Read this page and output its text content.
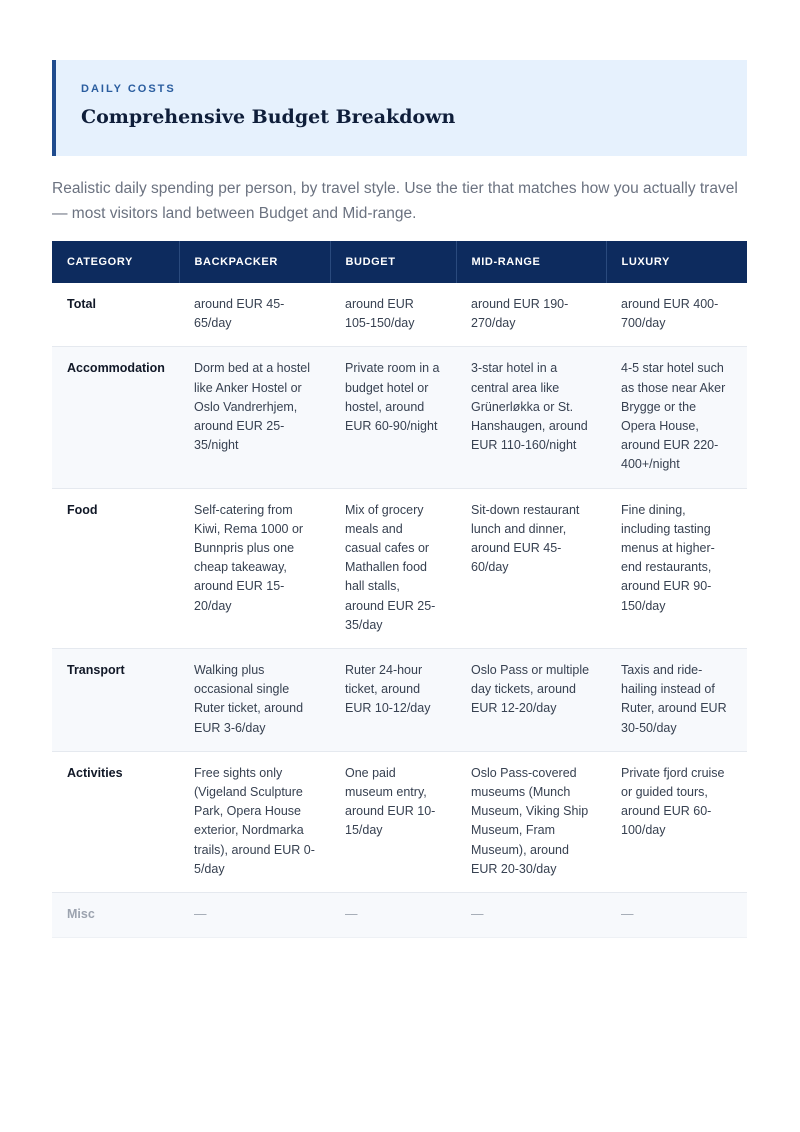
DAILY COSTS
Comprehensive Budget Breakdown
Realistic daily spending per person, by travel style. Use the tier that matches how you actually travel — most visitors land between Budget and Mid-range.
CATEGORY	BACKPACKER	BUDGET	MID-RANGE	LUXURY
Total	around EUR 45-65/day	around EUR 105-150/day	around EUR 190-270/day	around EUR 400-700/day
Accommodation	Dorm bed at a hostel like Anker Hostel or Oslo Vandrerhjem, around EUR 25-35/night	Private room in a budget hotel or hostel, around EUR 60-90/night	3-star hotel in a central area like Grünerløkka or St. Hanshaugen, around EUR 110-160/night	4-5 star hotel such as those near Aker Brygge or the Opera House, around EUR 220-400+/night
Food	Self-catering from Kiwi, Rema 1000 or Bunnpris plus one cheap takeaway, around EUR 15-20/day	Mix of grocery meals and casual cafes or Mathallen food hall stalls, around EUR 25-35/day	Sit-down restaurant lunch and dinner, around EUR 45-60/day	Fine dining, including tasting menus at higher-end restaurants, around EUR 90-150/day
Transport	Walking plus occasional single Ruter ticket, around EUR 3-6/day	Ruter 24-hour ticket, around EUR 10-12/day	Oslo Pass or multiple day tickets, around EUR 12-20/day	Taxis and ride-hailing instead of Ruter, around EUR 30-50/day
Activities	Free sights only (Vigeland Sculpture Park, Opera House exterior, Nordmarka trails), around EUR 0-5/day	One paid museum entry, around EUR 10-15/day	Oslo Pass-covered museums (Munch Museum, Viking Ship Museum, Fram Museum), around EUR 20-30/day	Private fjord cruise or guided tours, around EUR 60-100/day
Misc	—	—	—	—
